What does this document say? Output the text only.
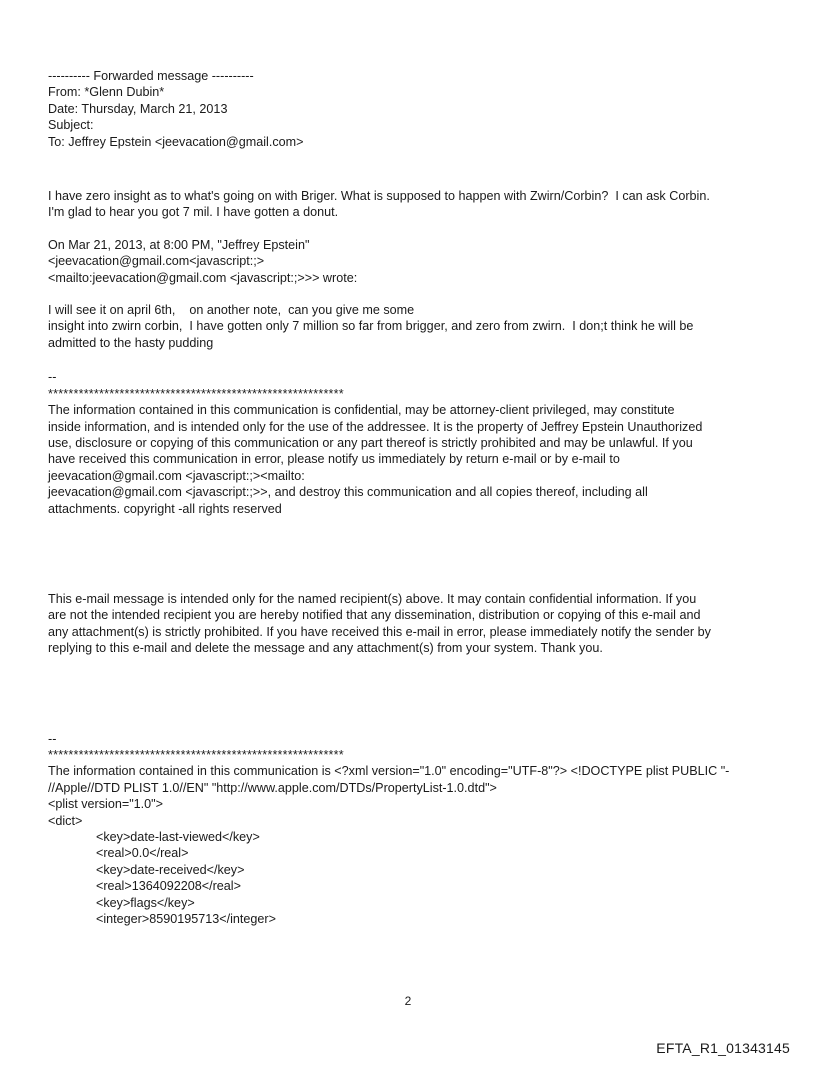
---------- Forwarded message ----------
From: *Glenn Dubin*
Date: Thursday, March 21, 2013
Subject:
To: Jeffrey Epstein <jeevacation@gmail.com>
I have zero insight as to what's going on with Briger. What is supposed to happen with Zwirn/Corbin?  I can ask Corbin.
I'm glad to hear you got 7 mil. I have gotten a donut.
On Mar 21, 2013, at 8:00 PM, "Jeffrey Epstein"
<jeevacation@gmail.com<javascript:;>
<mailto:jeevacation@gmail.com <javascript:;>>> wrote:
I will see it on april 6th,    on another note,  can you give me some
insight into zwirn corbin,  I have gotten only 7 million so far from brigger, and zero from zwirn.  I don;t think he will be
admitted to the hasty pudding
--
**********************************************************
The information contained in this communication is confidential, may be attorney-client privileged, may constitute
inside information, and is intended only for the use of the addressee. It is the property of Jeffrey Epstein Unauthorized
use, disclosure or copying of this communication or any part thereof is strictly prohibited and may be unlawful. If you
have received this communication in error, please notify us immediately by return e-mail or by e-mail to
jeevacation@gmail.com <javascript:;><mailto:
jeevacation@gmail.com <javascript:;>>, and destroy this communication and all copies thereof, including all
attachments. copyright -all rights reserved
This e-mail message is intended only for the named recipient(s) above. It may contain confidential information. If you
are not the intended recipient you are hereby notified that any dissemination, distribution or copying of this e-mail and
any attachment(s) is strictly prohibited. If you have received this e-mail in error, please immediately notify the sender by
replying to this e-mail and delete the message and any attachment(s) from your system. Thank you.
--
**********************************************************
The information contained in this communication is <?xml version="1.0" encoding="UTF-8"?> <!DOCTYPE plist PUBLIC "-
//Apple//DTD PLIST 1.0//EN" "http://www.apple.com/DTDs/PropertyList-1.0.dtd">
<plist version="1.0">
<dict>
<key>date-last-viewed</key>
<real>0.0</real>
<key>date-received</key>
<real>1364092208</real>
<key>flags</key>
<integer>8590195713</integer>
2
EFTA_R1_01343145
